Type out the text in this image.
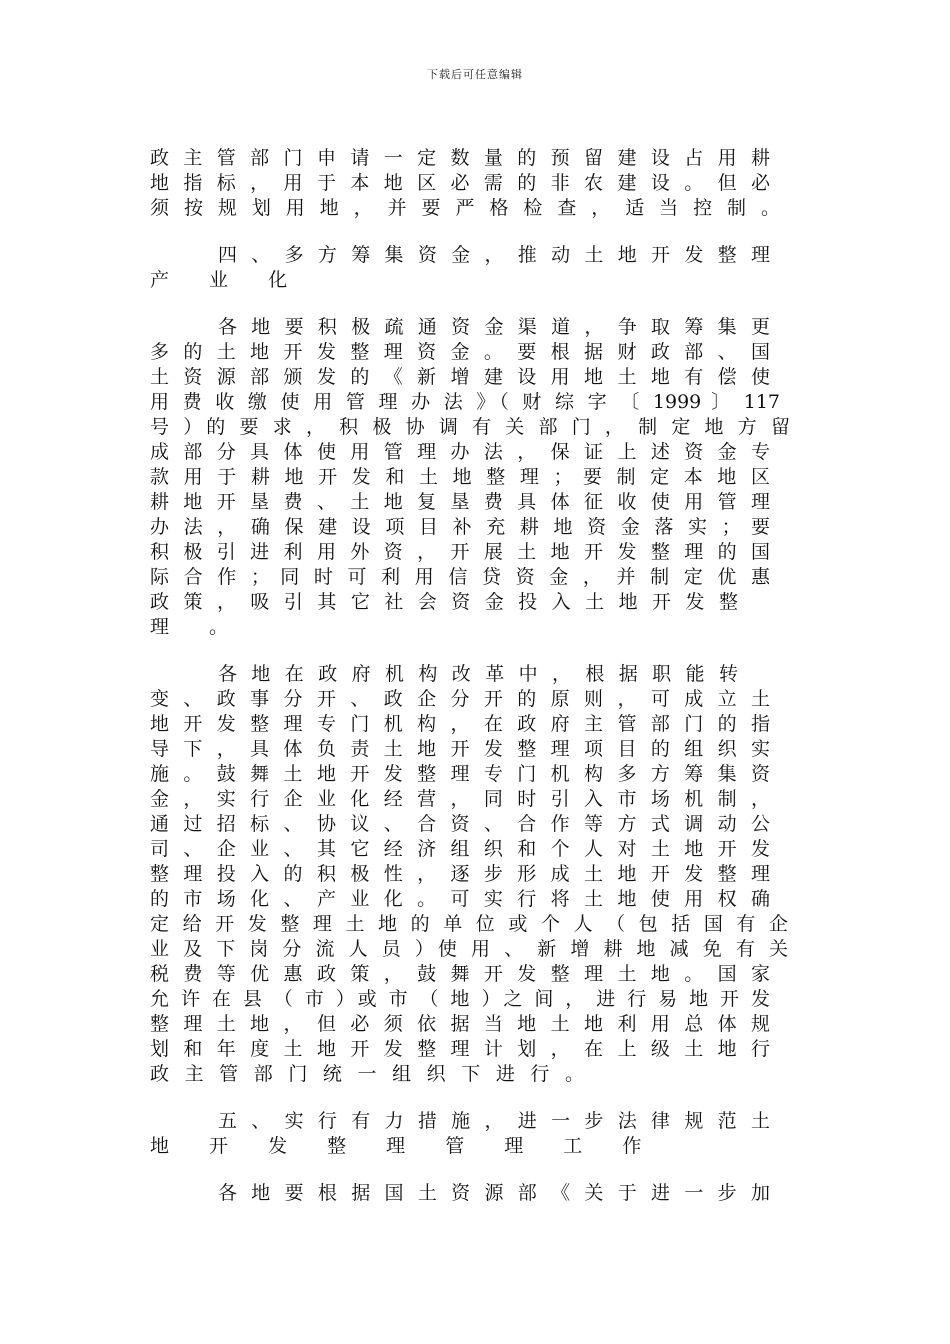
下载后可任意编辑
政 主 管 部 门 申 请 一 定 数 量 的 预 留 建 设 占 用 耕
地 指 标 ， 用 于 本 地 区 必 需 的 非 农 建 设 。 但 必
须 按 规 划 用 地 ， 并 要 严 格 检 查 ， 适 当 控 制 。
四 、 多 方 筹 集 资 金 ， 推 动 土 地 开 发 整 理
产 业 化
各 地 要 积 极 疏 通 资 金 渠 道 ， 争 取 筹 集 更
多 的 土 地 开 发 整 理 资 金 。 要 根 据 财 政 部 、 国
土 资 源 部 颁 发 的 《 新 增 建 设 用 地 土 地 有 偿 使
用 费 收 缴 使 用 管 理 办 法 》（ 财 综 字 〔 1999 〕 117
号 ）的 要 求 ， 积 极 协 调 有 关 部 门 ， 制 定 地 方 留
成 部 分 具 体 使 用 管 理 办 法 ， 保 证 上 述 资 金 专
款 用 于 耕 地 开 发 和 土 地 整 理 ； 要 制 定 本 地 区
耕 地 开 垦 费 、 土 地 复 垦 费 具 体 征 收 使 用 管 理
办 法 ， 确 保 建 设 项 目 补 充 耕 地 资 金 落 实 ； 要
积 极 引 进 利 用 外 资 ， 开 展 土 地 开 发 整 理 的 国
际 合 作 ； 同 时 可 利 用 信 贷 资 金 ， 并 制 定 优 惠
政 策 ， 吸 引 其 它 社 会 资 金 投 入 土 地 开 发 整
理 。
各 地 在 政 府 机 构 改 革 中 ， 根 据 职 能 转
变 、 政 事 分 开 、 政 企 分 开 的 原 则 ， 可 成 立 土
地 开 发 整 理 专 门 机 构 ， 在 政 府 主 管 部 门 的 指
导 下 ， 具 体 负 责 土 地 开 发 整 理 项 目 的 组 织 实
施 。 鼓 舞 土 地 开 发 整 理 专 门 机 构 多 方 筹 集 资
金 ， 实 行 企 业 化 经 营 ， 同 时 引 入 市 场 机 制 ，
通 过 招 标 、 协 议 、 合 资 、 合 作 等 方 式 调 动 公
司 、 企 业 、 其 它 经 济 组 织 和 个 人 对 土 地 开 发
整 理 投 入 的 积 极 性 ， 逐 步 形 成 土 地 开 发 整 理
的 市 场 化 、 产 业 化 。 可 实 行 将 土 地 使 用 权 确
定 给 开 发 整 理 土 地 的 单 位 或 个 人 （ 包 括 国 有 企
业 及 下 岗 分 流 人 员 ）使 用 、 新 增 耕 地 减 免 有 关
税 费 等 优 惠 政 策 ， 鼓 舞 开 发 整 理 土 地 。 国 家
允 许 在 县 （ 市 ）或 市 （ 地 ）之 间 ， 进 行 易 地 开 发
整 理 土 地 ， 但 必 须 依 据 当 地 土 地 利 用 总 体 规
划 和 年 度 土 地 开 发 整 理 计 划 ， 在 上 级 土 地 行
政 主 管 部 门 统 一 组 织 下 进 行 。
五 、 实 行 有 力 措 施 ， 进 一 步 法 律 规 范 土
地 开 发 整 理 管 理 工 作
各 地 要 根 据 国 土 资 源 部 《 关 于 进 一 步 加
